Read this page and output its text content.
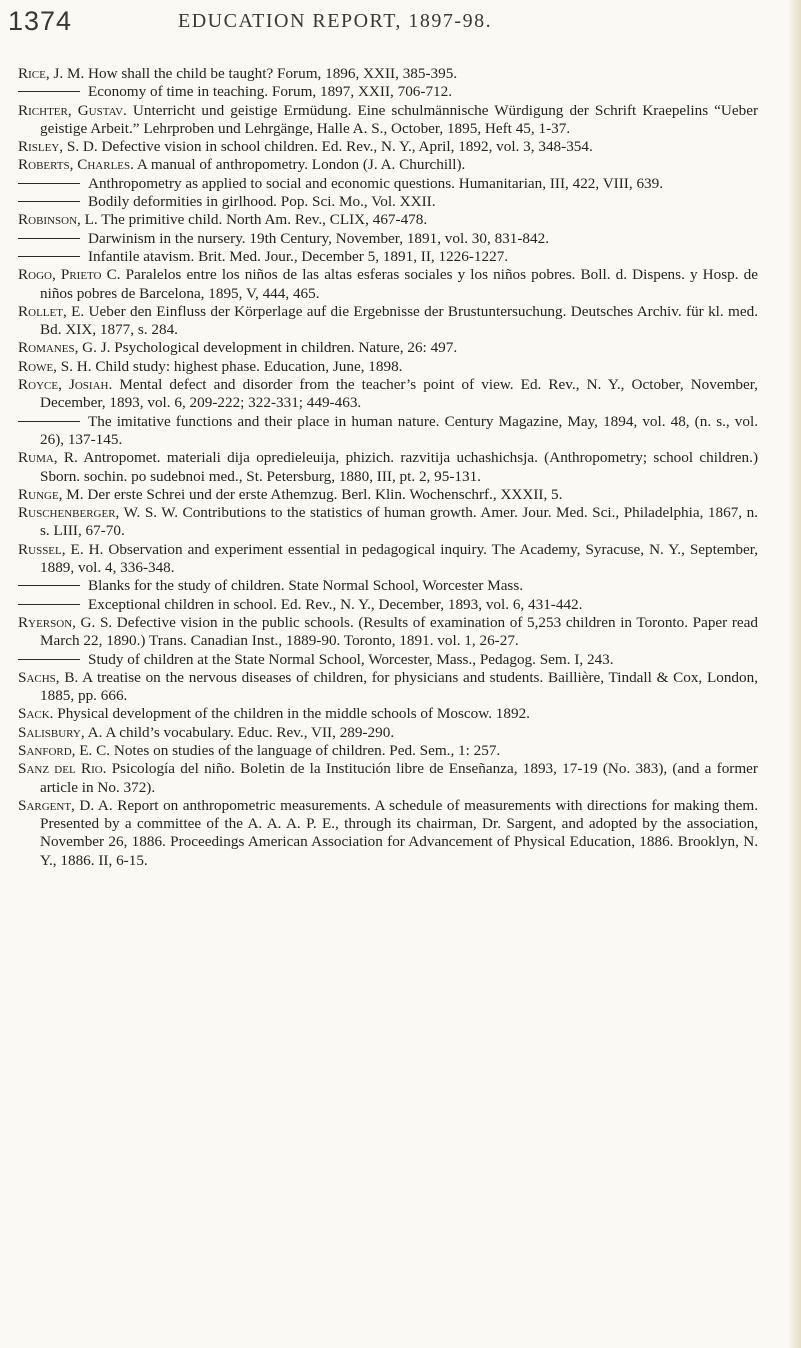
1374	EDUCATION REPORT, 1897-98.

Rice, J. M. How shall the child be taught? Forum, 1896, XXII, 385-395.

Economy of time in teaching. Forum, 1897, XXII, 706-712.

Richter, Gustav. Unterricht und geistige Ermüdung. Eine schulmännische Würdigung der Schrift Kraepelins “Ueber geistige Arbeit.” Lehrproben und Lehrgänge, Halle A. S., October, 1895, Heft 45, 1-37.

Risley, S. D. Defective vision in school children. Ed. Rev., N. Y., April, 1892, vol. 3, 348-354.

Roberts, Charles. A manual of anthropometry. London (J. A. Churchill).

Anthropometry as applied to social and economic questions. Humanitarian, III, 422, VIII, 639.

Bodily deformities in girlhood. Pop. Sci. Mo., Vol. XXII.

Robinson, L. The primitive child. North Am. Rev., CLIX, 467-478.

Darwinism in the nursery. 19th Century, November, 1891, vol. 30, 831-842.

Infantile atavism. Brit. Med. Jour., December 5, 1891, II, 1226-1227.

Rogo, Prieto C. Paralelos entre los niños de las altas esferas sociales y los niños pobres. Boll. d. Dispens. y Hosp. de niños pobres de Barcelona, 1895, V, 444, 465.

Rollet, E. Ueber den Einfluss der Körperlage auf die Ergebnisse der Brustuntersuchung. Deutsches Archiv. für kl. med. Bd. XIX, 1877, s. 284.

Romanes, G. J. Psychological development in children. Nature, 26: 497.

Rowe, S. H. Child study: highest phase. Education, June, 1898.

Royce, Josiah. Mental defect and disorder from the teacher’s point of view. Ed. Rev., N. Y., October, November, December, 1893, vol. 6, 209-222; 322-331; 449-463.

The imitative functions and their place in human nature. Century Magazine, May, 1894, vol. 48, (n. s., vol. 26), 137-145.

Ruma, R. Antropomet. materiali dija opredieleuija, phizich. razvitija uchashichsja. (Anthropometry; school children.) Sborn. sochin. po sudebnoi med., St. Petersburg, 1880, III, pt. 2, 95-131.

Runge, M. Der erste Schrei und der erste Athemzug. Berl. Klin. Wochenschrf., XXXII, 5.

Ruschenberger, W. S. W. Contributions to the statistics of human growth. Amer. Jour. Med. Sci., Philadelphia, 1867, n. s. LIII, 67-70.

Russel, E. H. Observation and experiment essential in pedagogical inquiry. The Academy, Syracuse, N. Y., September, 1889, vol. 4, 336-348.

Blanks for the study of children. State Normal School, Worcester Mass.

Exceptional children in school. Ed. Rev., N. Y., December, 1893, vol. 6, 431-442.

Ryerson, G. S. Defective vision in the public schools. (Results of examination of 5,253 children in Toronto. Paper read March 22, 1890.) Trans. Canadian Inst., 1889-90. Toronto, 1891. vol. 1, 26-27.

Study of children at the State Normal School, Worcester, Mass., Pedagog. Sem. I, 243.

Sachs, B. A treatise on the nervous diseases of children, for physicians and students. Baillière, Tindall & Cox, London, 1885, pp. 666.

Sack. Physical development of the children in the middle schools of Moscow. 1892.

Salisbury, A. A child’s vocabulary. Educ. Rev., VII, 289-290.

Sanford, E. C. Notes on studies of the language of children. Ped. Sem., 1: 257.

Sanz del Rio. Psicología del niño. Boletin de la Institución libre de Enseñanza, 1893, 17-19 (No. 383), (and a former article in No. 372).

Sargent, D. A. Report on anthropometric measurements. A schedule of measurements with directions for making them. Presented by a committee of the A. A. A. P. E., through its chairman, Dr. Sargent, and adopted by the association, November 26, 1886. Proceedings American Association for Advancement of Physical Education, 1886. Brooklyn, N. Y., 1886. II, 6-15.
